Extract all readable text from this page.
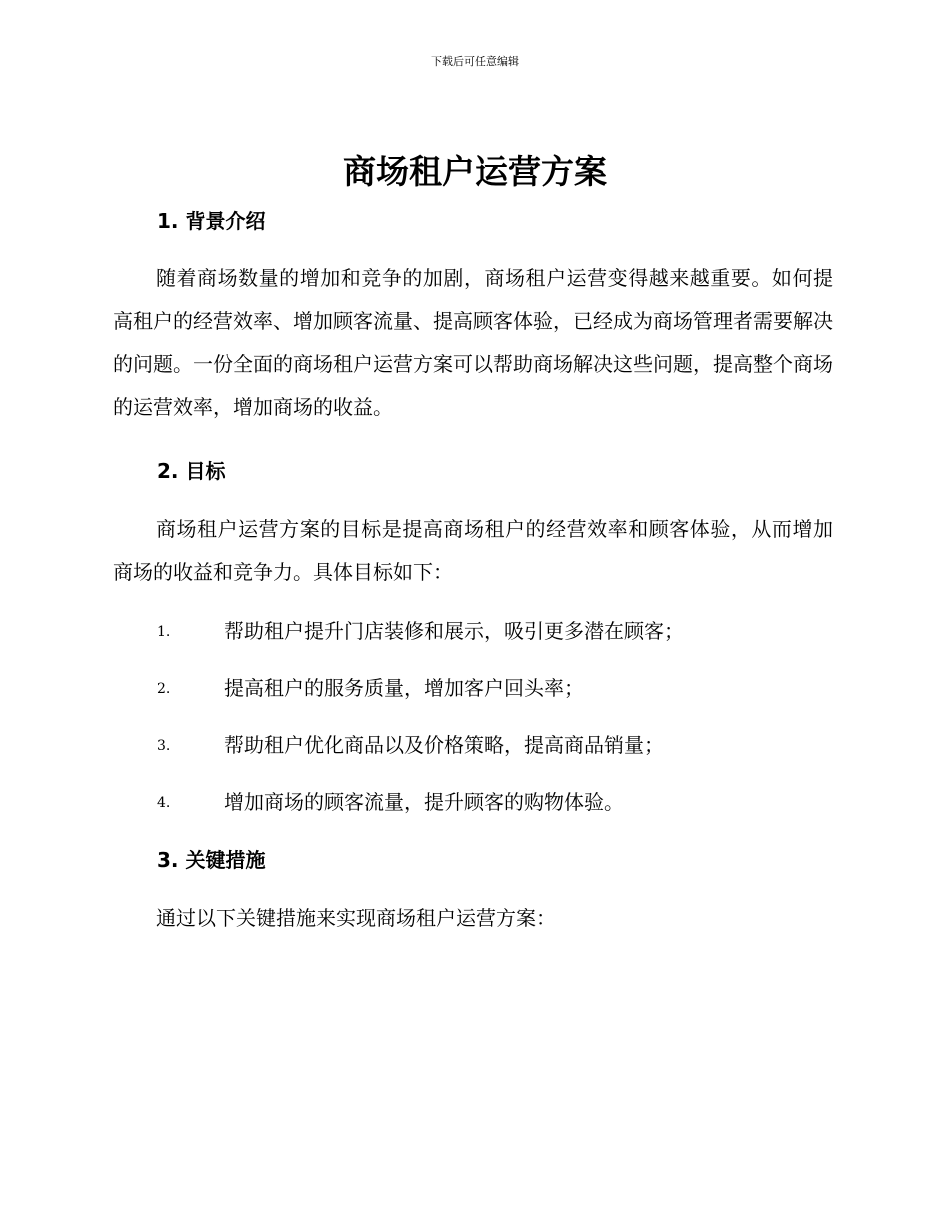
下载后可任意编辑
商场租户运营方案
1. 背景介绍

随着商场数量的增加和竞争的加剧，商场租户运营变得越来越重要。如何提高租户的经营效率、增加顾客流量、提高顾客体验，已经成为商场管理者需要解决的问题。一份全面的商场租户运营方案可以帮助商场解决这些问题，提高整个商场的运营效率，增加商场的收益。

2. 目标

商场租户运营方案的目标是提高商场租户的经营效率和顾客体验，从而增加商场的收益和竞争力。具体目标如下：

1.	帮助租户提升门店装修和展示，吸引更多潜在顾客；
2.	提高租户的服务质量，增加客户回头率；
3.	帮助租户优化商品以及价格策略，提高商品销量；
4.	增加商场的顾客流量，提升顾客的购物体验。
3. 关键措施

通过以下关键措施来实现商场租户运营方案：
